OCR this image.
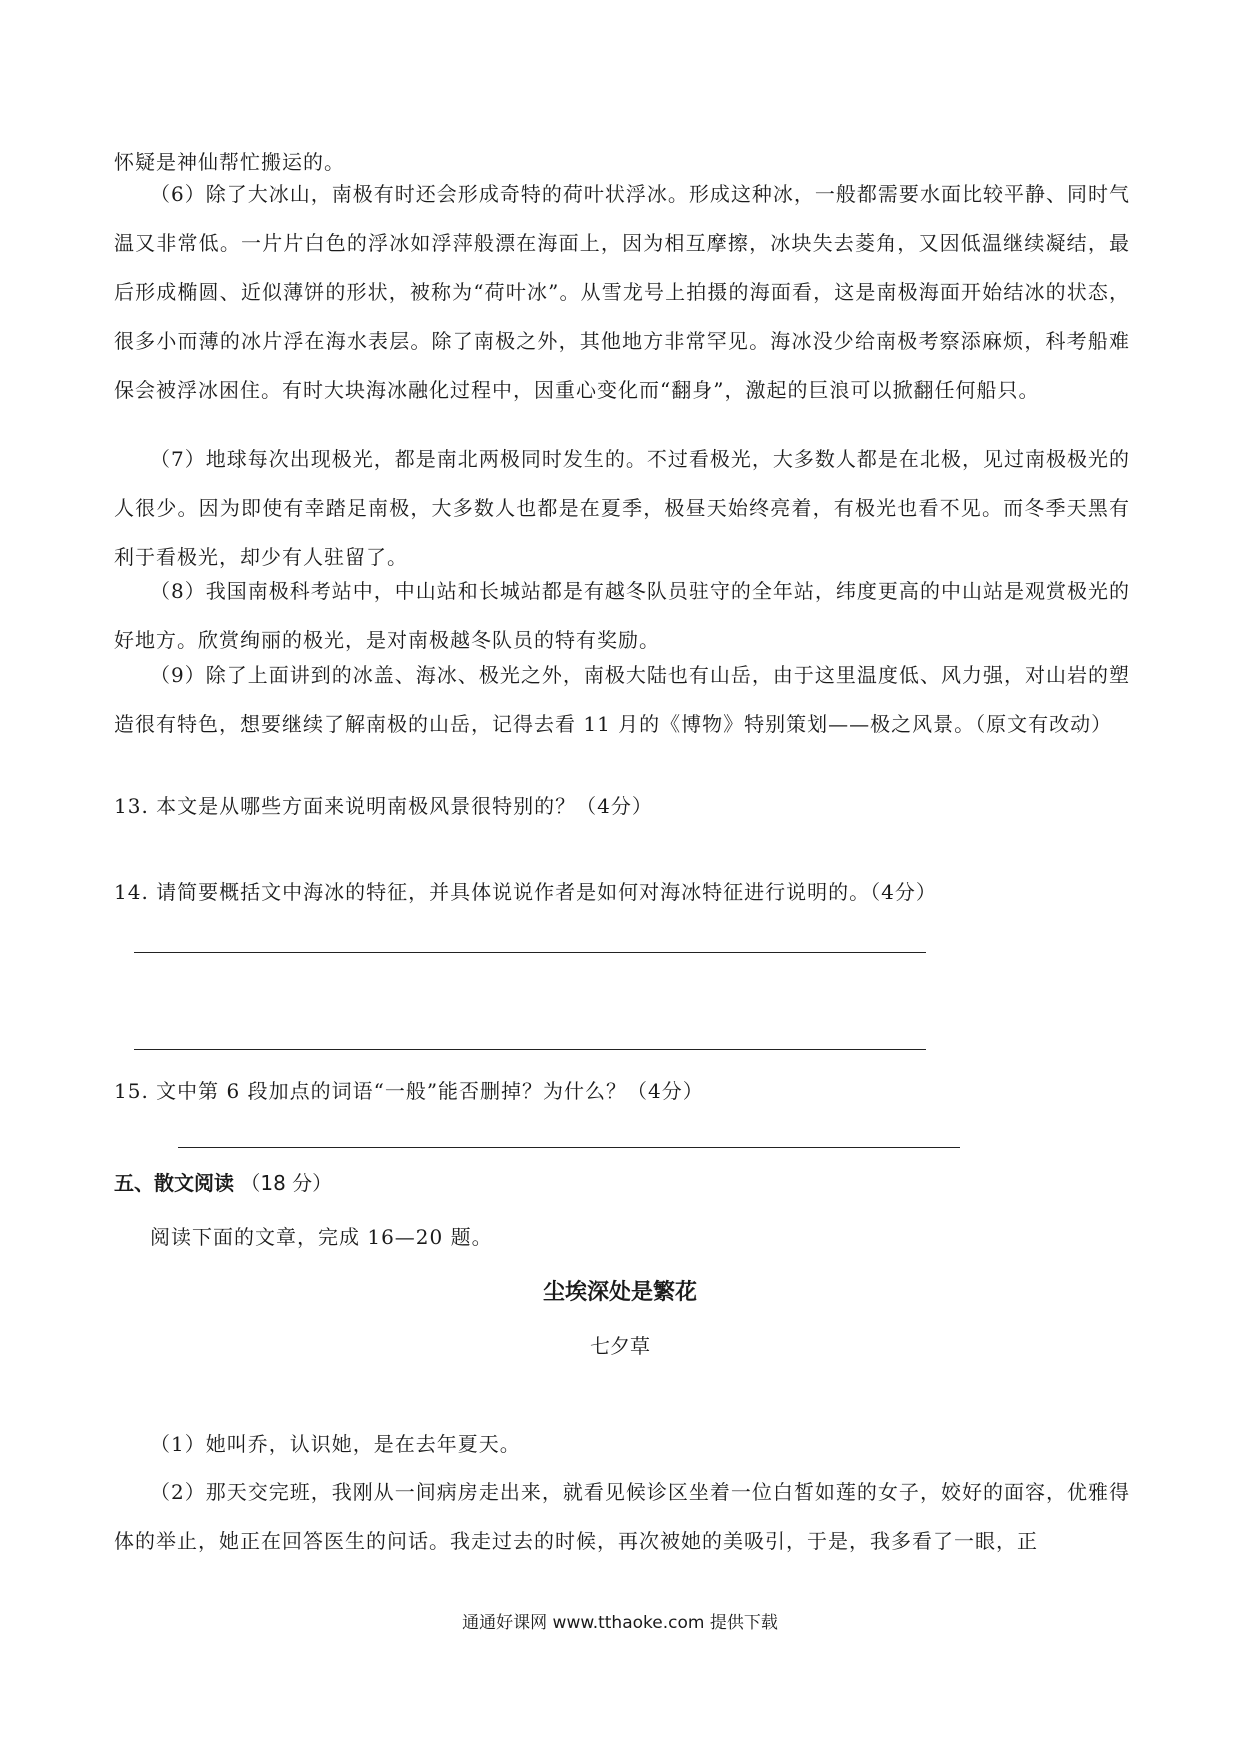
怀疑是神仙帮忙搬运的。

（6）除了大冰山，南极有时还会形成奇特的荷叶状浮冰。形成这种冰，一般都需要水面比较平静、同时气温又非常低。一片片白色的浮冰如浮萍般漂在海面上，因为相互摩擦，冰块失去菱角，又因低温继续凝结，最后形成椭圆、近似薄饼的形状，被称为“荷叶冰”。从雪龙号上拍摄的海面看，这是南极海面开始结冰的状态，很多小而薄的冰片浮在海水表层。除了南极之外，其他地方非常罕见。海冰没少给南极考察添麻烦，科考船难保会被浮冰困住。有时大块海冰融化过程中，因重心变化而“翻身”，激起的巨浪可以掀翻任何船只。

（7）地球每次出现极光，都是南北两极同时发生的。不过看极光，大多数人都是在北极，见过南极极光的人很少。因为即使有幸踏足南极，大多数人也都是在夏季，极昼天始终亮着，有极光也看不见。而冬季天黑有利于看极光，却少有人驻留了。

（8）我国南极科考站中，中山站和长城站都是有越冬队员驻守的全年站，纬度更高的中山站是观赏极光的好地方。欣赏绚丽的极光，是对南极越冬队员的特有奖励。

（9）除了上面讲到的冰盖、海冰、极光之外，南极大陆也有山岳，由于这里温度低、风力强，对山岩的塑造很有特色，想要继续了解南极的山岳，记得去看 11 月的《博物》特别策划——极之风景。（原文有改动）

13. 本文是从哪些方面来说明南极风景很特别的？（4分）

14. 请简要概括文中海冰的特征，并具体说说作者是如何对海冰特征进行说明的。（4分）

15. 文中第 6 段加点的词语“一般”能否删掉？为什么？（4分）

五、散文阅读 （18 分）

阅读下面的文章，完成 16—20 题。

尘埃深处是繁花

七夕草

（1）她叫乔，认识她，是在去年夏天。

（2）那天交完班，我刚从一间病房走出来，就看见候诊区坐着一位白皙如莲的女子，姣好的面容，优雅得体的举止，她正在回答医生的问话。我走过去的时候，再次被她的美吸引，于是，我多看了一眼，正

通通好课网 www.tthaoke.com 提供下载
